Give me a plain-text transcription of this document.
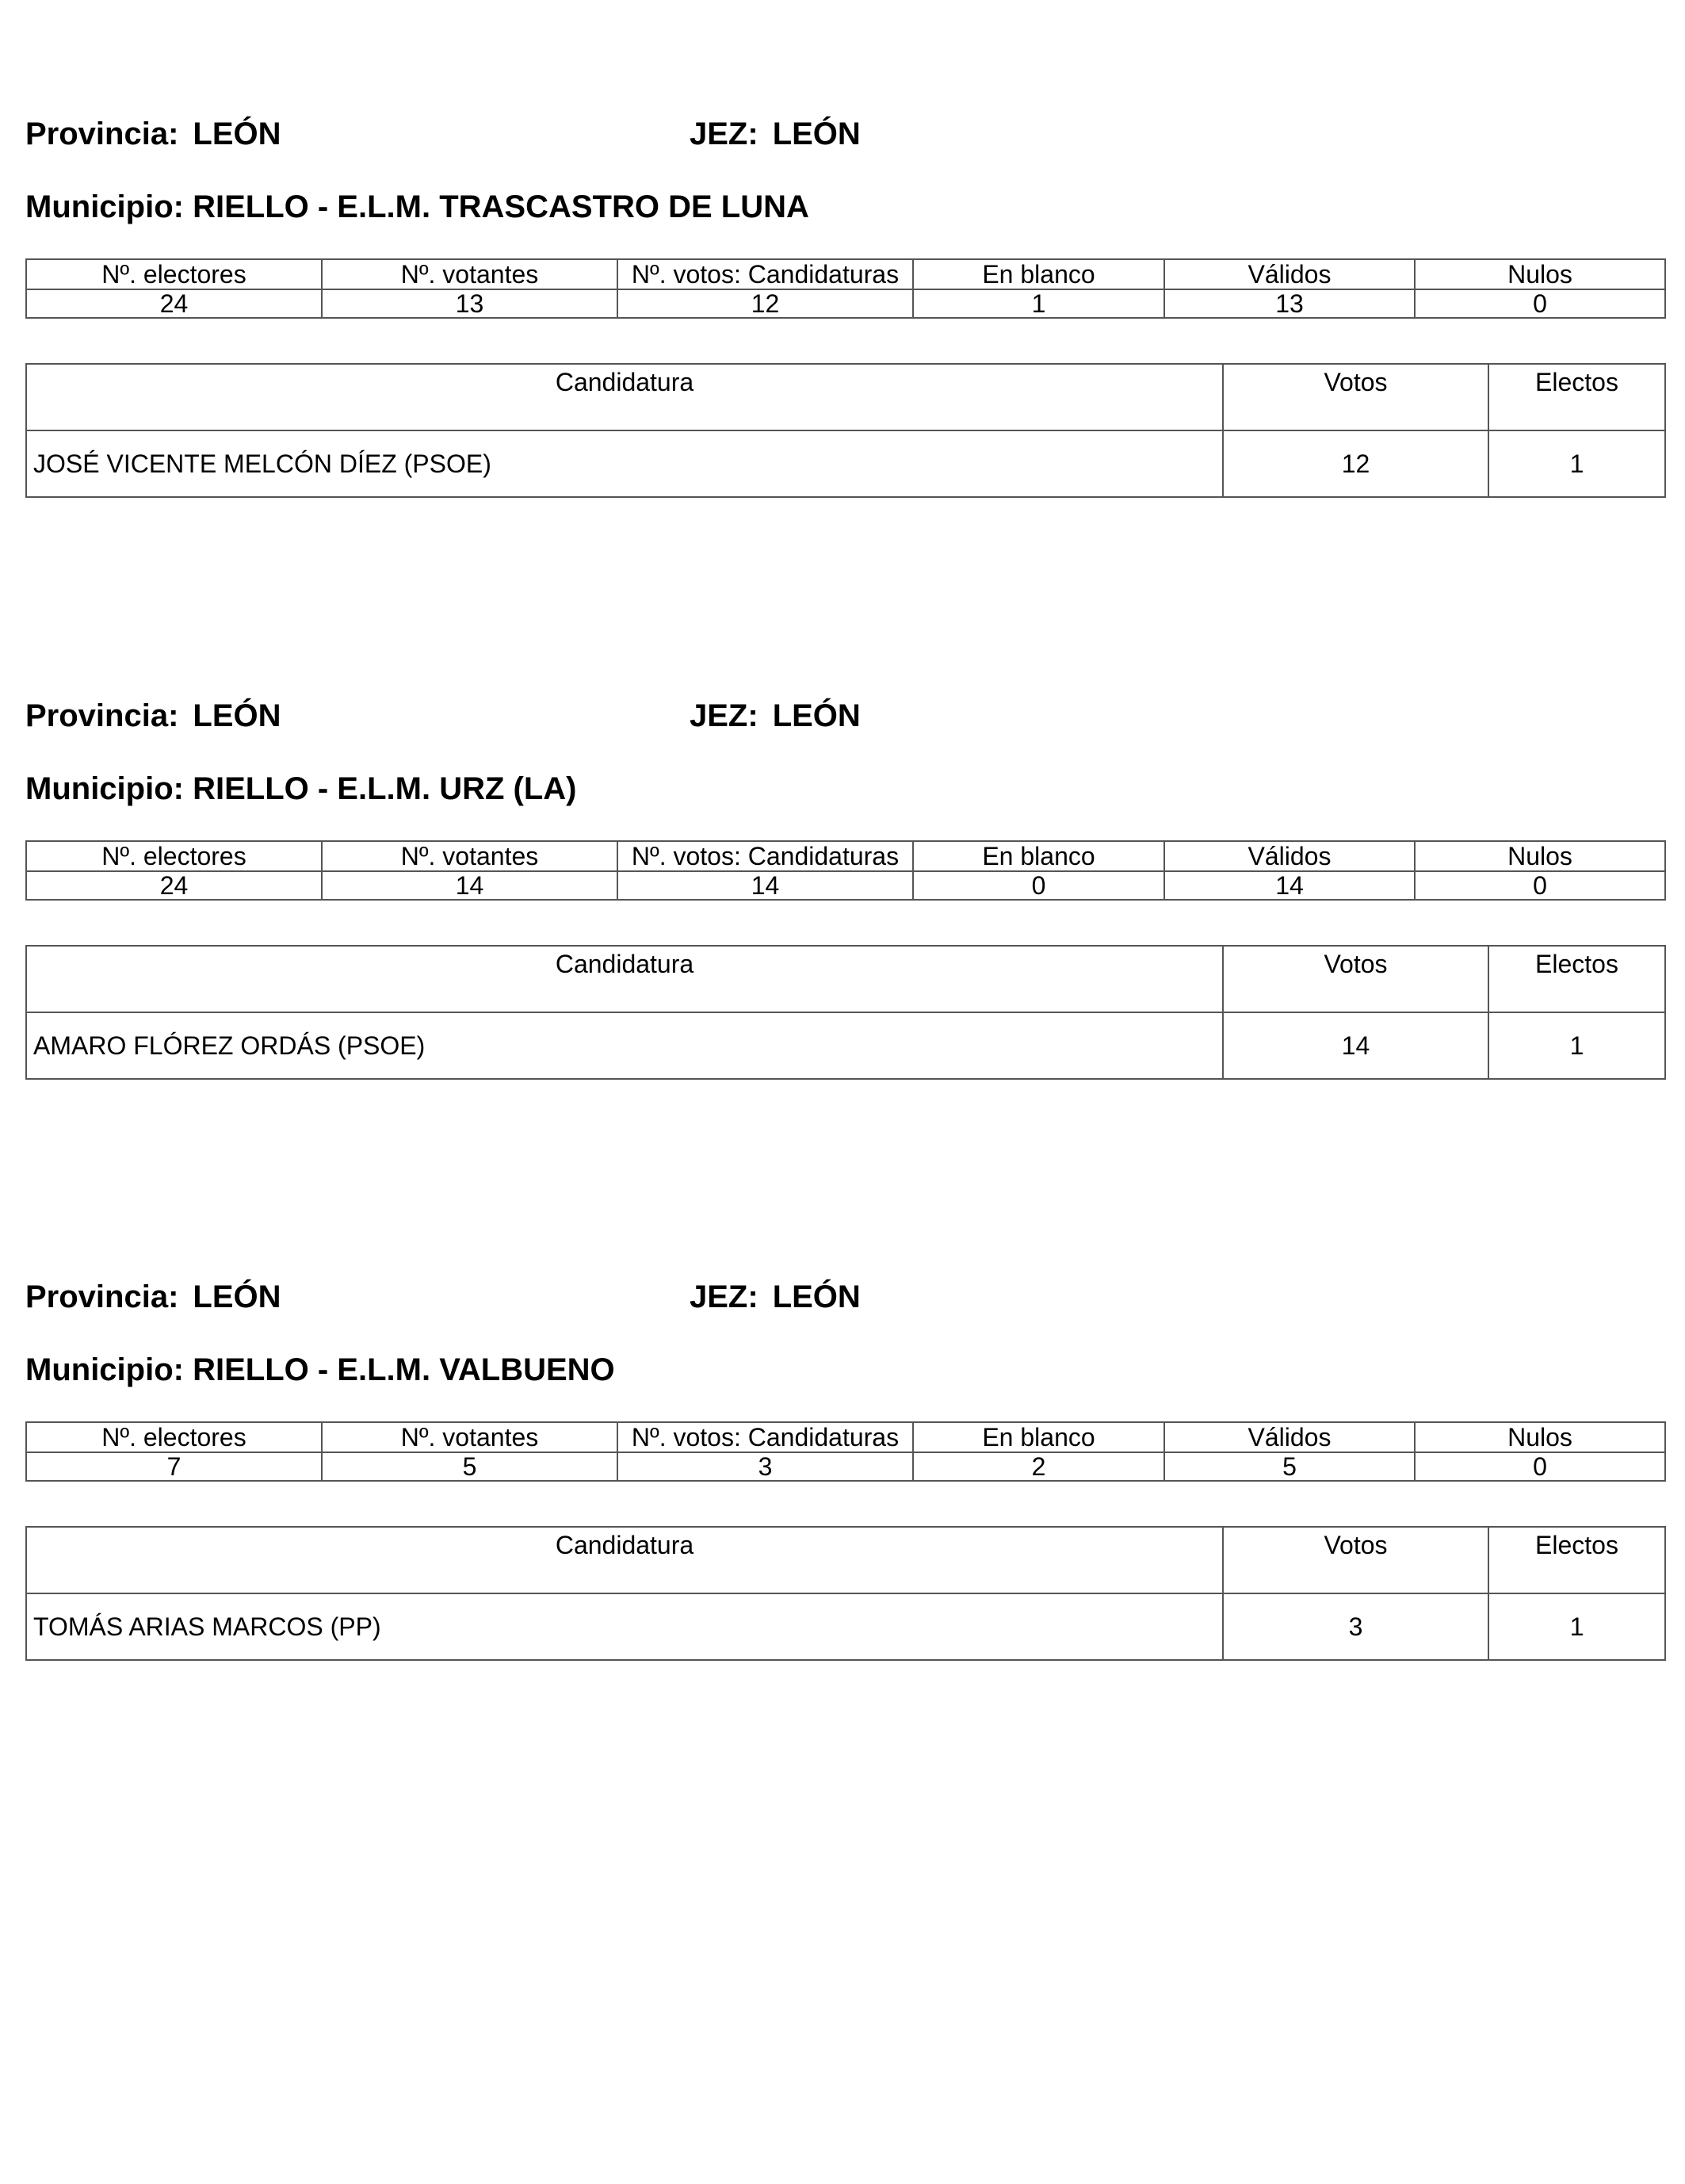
Provincia: LEÓN	JEZ: LEÓN
Municipio: RIELLO - E.L.M. TRASCASTRO DE LUNA
Nº. electores	Nº. votantes	Nº. votos: Candidaturas	En blanco	Válidos	Nulos
24	13	12	1	13	0
Candidatura	Votos	Electos
JOSÉ VICENTE MELCÓN DÍEZ (PSOE)	12	1
Provincia: LEÓN	JEZ: LEÓN
Municipio: RIELLO - E.L.M. URZ (LA)
Nº. electores	Nº. votantes	Nº. votos: Candidaturas	En blanco	Válidos	Nulos
24	14	14	0	14	0
Candidatura	Votos	Electos
AMARO FLÓREZ ORDÁS (PSOE)	14	1
Provincia: LEÓN	JEZ: LEÓN
Municipio: RIELLO - E.L.M. VALBUENO
Nº. electores	Nº. votantes	Nº. votos: Candidaturas	En blanco	Válidos	Nulos
7	5	3	2	5	0
Candidatura	Votos	Electos
TOMÁS ARIAS MARCOS (PP)	3	1
